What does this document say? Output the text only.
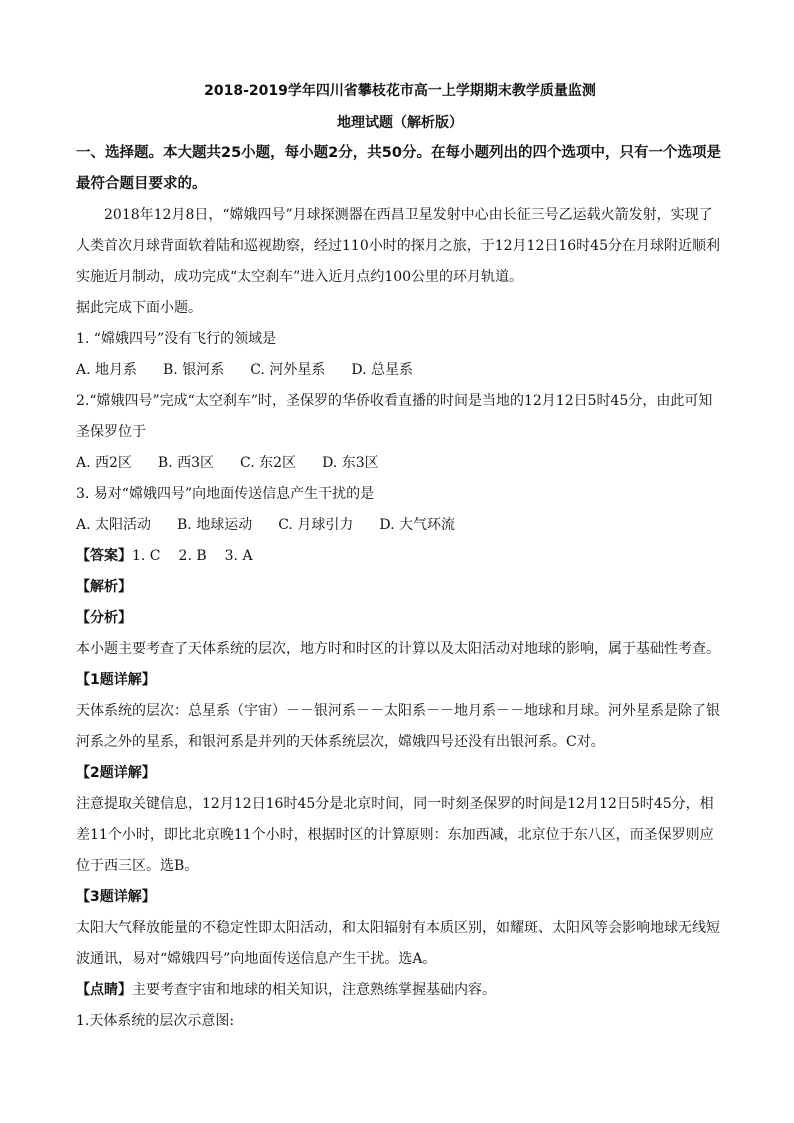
2018-2019学年四川省攀枝花市高一上学期期末教学质量监测

地理试题（解析版）

一、选择题。本大题共25小题，每小题2分，共50分。在每小题列出的四个选项中，只有一个选项是最符合题目要求的。

2018年12月8日，“嫦娥四号”月球探测器在西昌卫星发射中心由长征三号乙运载火箭发射，实现了人类首次月球背面软着陆和巡视勘察，经过110小时的探月之旅，于12月12日16时45分在月球附近顺利实施近月制动，成功完成“太空刹车”进入近月点约100公里的环月轨道。

据此完成下面小题。

1. “嫦娥四号”没有飞行的领域是

A. 地月系 B. 银河系 C. 河外星系 D. 总星系

2.“嫦娥四号”完成“太空刹车”时，圣保罗的华侨收看直播的时间是当地的12月12日5时45分，由此可知圣保罗位于

A. 西2区 B. 西3区 C. 东2区 D. 东3区

3. 易对“嫦娥四号”向地面传送信息产生干扰的是

A. 太阳活动 B. 地球运动 C. 月球引力 D. 大气环流

【答案】1. C 2. B 3. A

【解析】

【分析】

本小题主要考查了天体系统的层次，地方时和时区的计算以及太阳活动对地球的影响，属于基础性考查。

【1题详解】

天体系统的层次：总星系（宇宙）－－银河系－－太阳系－－地月系－－地球和月球。河外星系是除了银河系之外的星系，和银河系是并列的天体系统层次，嫦娥四号还没有出银河系。C对。

【2题详解】

注意提取关键信息，12月12日16时45分是北京时间，同一时刻圣保罗的时间是12月12日5时45分，相差11个小时，即比北京晚11个小时，根据时区的计算原则：东加西减，北京位于东八区，而圣保罗则应位于西三区。选B。

【3题详解】

太阳大气释放能量的不稳定性即太阳活动，和太阳辐射有本质区别，如耀斑、太阳风等会影响地球无线短波通讯，易对“嫦娥四号”向地面传送信息产生干扰。选A。

【点睛】主要考查宇宙和地球的相关知识，注意熟练掌握基础内容。

1.天体系统的层次示意图:
